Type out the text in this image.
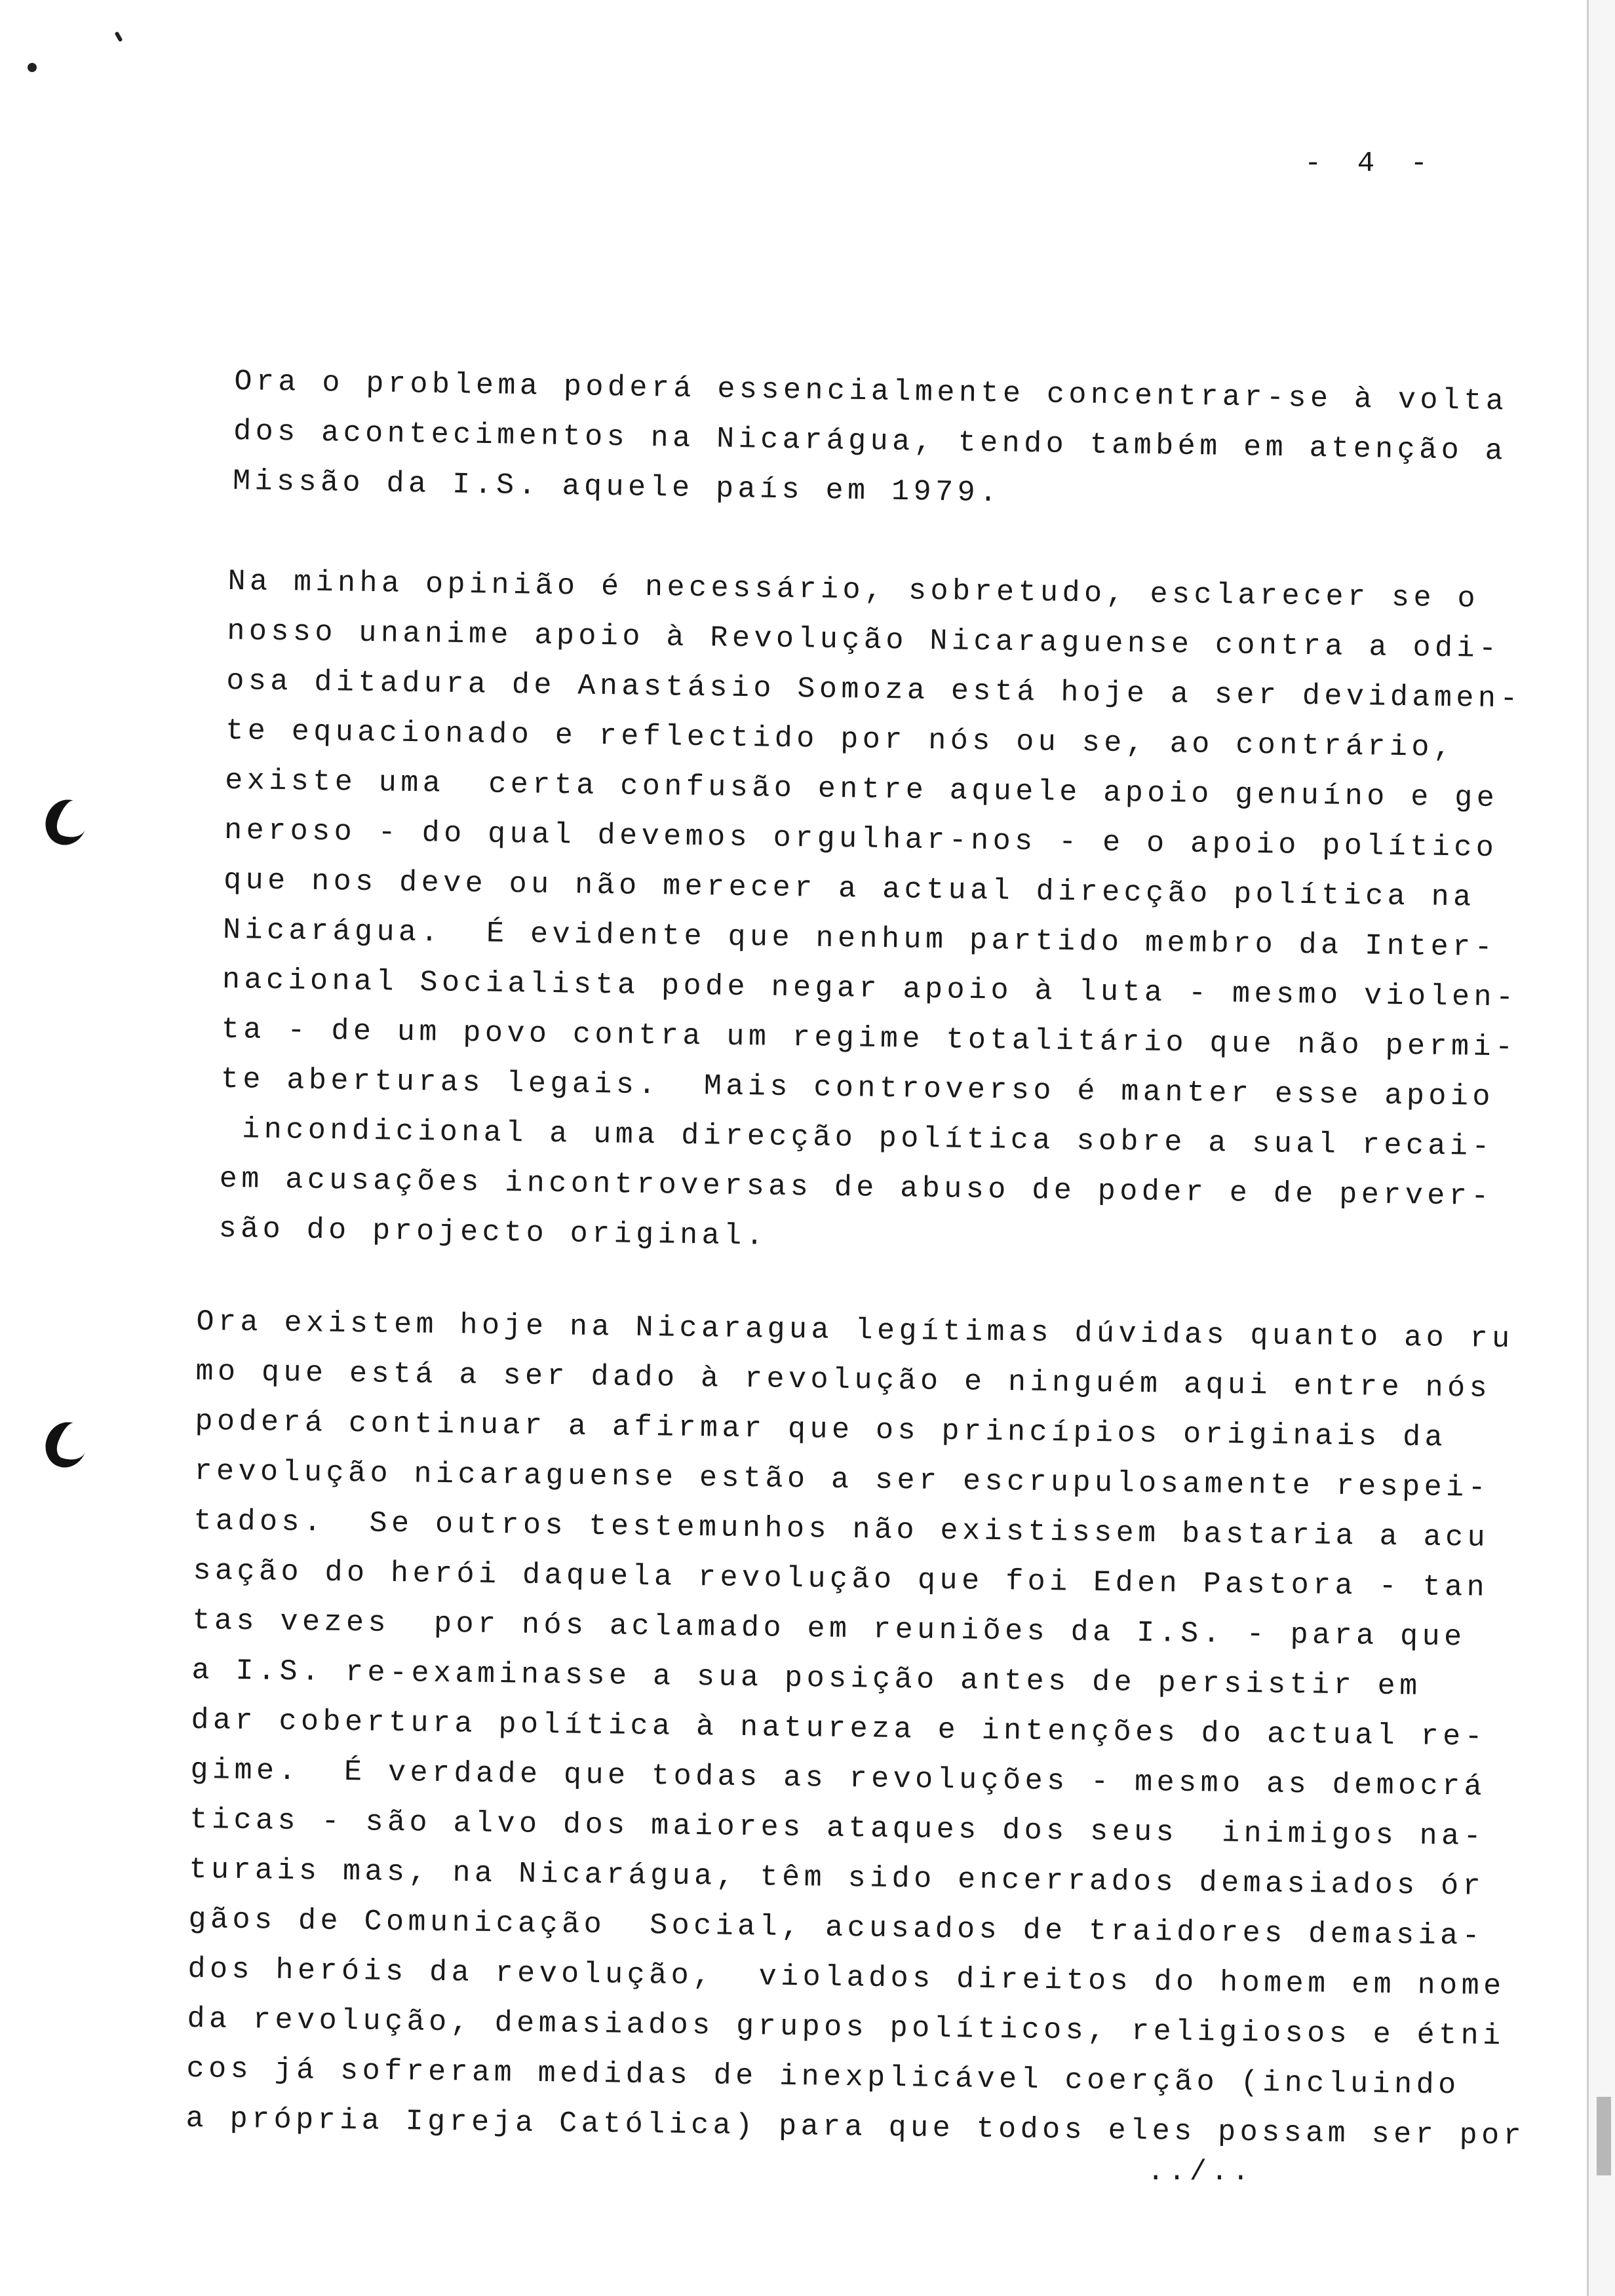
- 4 -

Ora o problema poderá essencialmente concentrar-se à volta
dos acontecimentos na Nicarágua, tendo também em atenção a
Missão da I.S. aquele país em 1979.
Na minha opinião é necessário, sobretudo, esclarecer se o
nosso unanime apoio à Revolução Nicaraguense contra a odi-
osa ditadura de Anastásio Somoza está hoje a ser devidamen-
te equacionado e reflectido por nós ou se, ao contrário,
existe uma  certa confusão entre aquele apoio genuíno e ge
neroso - do qual devemos orgulhar-nos - e o apoio político
que nos deve ou não merecer a actual direcção política na
Nicarágua.  É evidente que nenhum partido membro da Inter-
nacional Socialista pode negar apoio à luta - mesmo violen-
ta - de um povo contra um regime totalitário que não permi-
te aberturas legais.  Mais controverso é manter esse apoio
incondicional a uma direcção política sobre a sual recai-
em acusações incontroversas de abuso de poder e de perver-
são do projecto original.
Ora existem hoje na Nicaragua legítimas dúvidas quanto ao ru
mo que está a ser dado à revolução e ninguém aqui entre nós
poderá continuar a afirmar que os princípios originais da
revolução nicaraguense estão a ser escrupulosamente respei-
tados.  Se outros testemunhos não existissem bastaria a acu
sação do herói daquela revolução que foi Eden Pastora - tan
tas vezes  por nós aclamado em reuniões da I.S. - para que
a I.S. re-examinasse a sua posição antes de persistir em
dar cobertura política à natureza e intenções do actual re-
gime.  É verdade que todas as revoluções - mesmo as democrá
ticas - são alvo dos maiores ataques dos seus  inimigos na-
turais mas, na Nicarágua, têm sido encerrados demasiados ór
gãos de Comunicação  Social, acusados de traidores demasia-
dos heróis da revolução,  violados direitos do homem em nome
da revolução, demasiados grupos políticos, religiosos e étni
cos já sofreram medidas de inexplicável coerção (incluindo
a própria Igreja Católica) para que todos eles possam ser por

../..
